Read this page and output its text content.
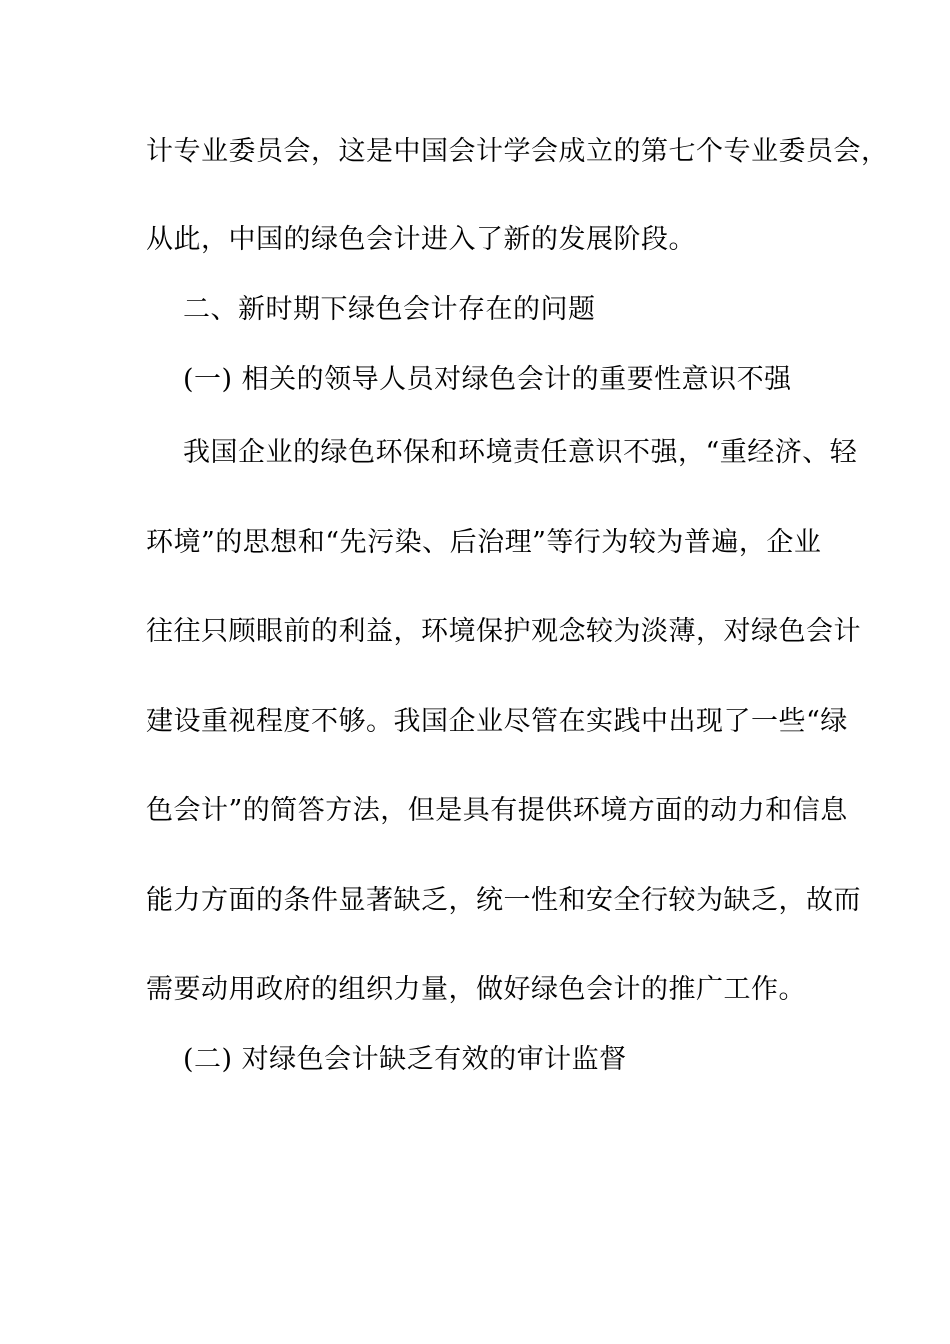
计专业委员会，这是中国会计学会成立的第七个专业委员会，
从此，中国的绿色会计进入了新的发展阶段。
二、新时期下绿色会计存在的问题
(一) 相关的领导人员对绿色会计的重要性意识不强
我国企业的绿色环保和环境责任意识不强，“重经济、轻
环境”的思想和“先污染、后治理”等行为较为普遍，企业
往往只顾眼前的利益，环境保护观念较为淡薄，对绿色会计
建设重视程度不够。我国企业尽管在实践中出现了一些“绿
色会计”的简答方法，但是具有提供环境方面的动力和信息
能力方面的条件显著缺乏，统一性和安全行较为缺乏，故而
需要动用政府的组织力量，做好绿色会计的推广工作。
(二) 对绿色会计缺乏有效的审计监督
